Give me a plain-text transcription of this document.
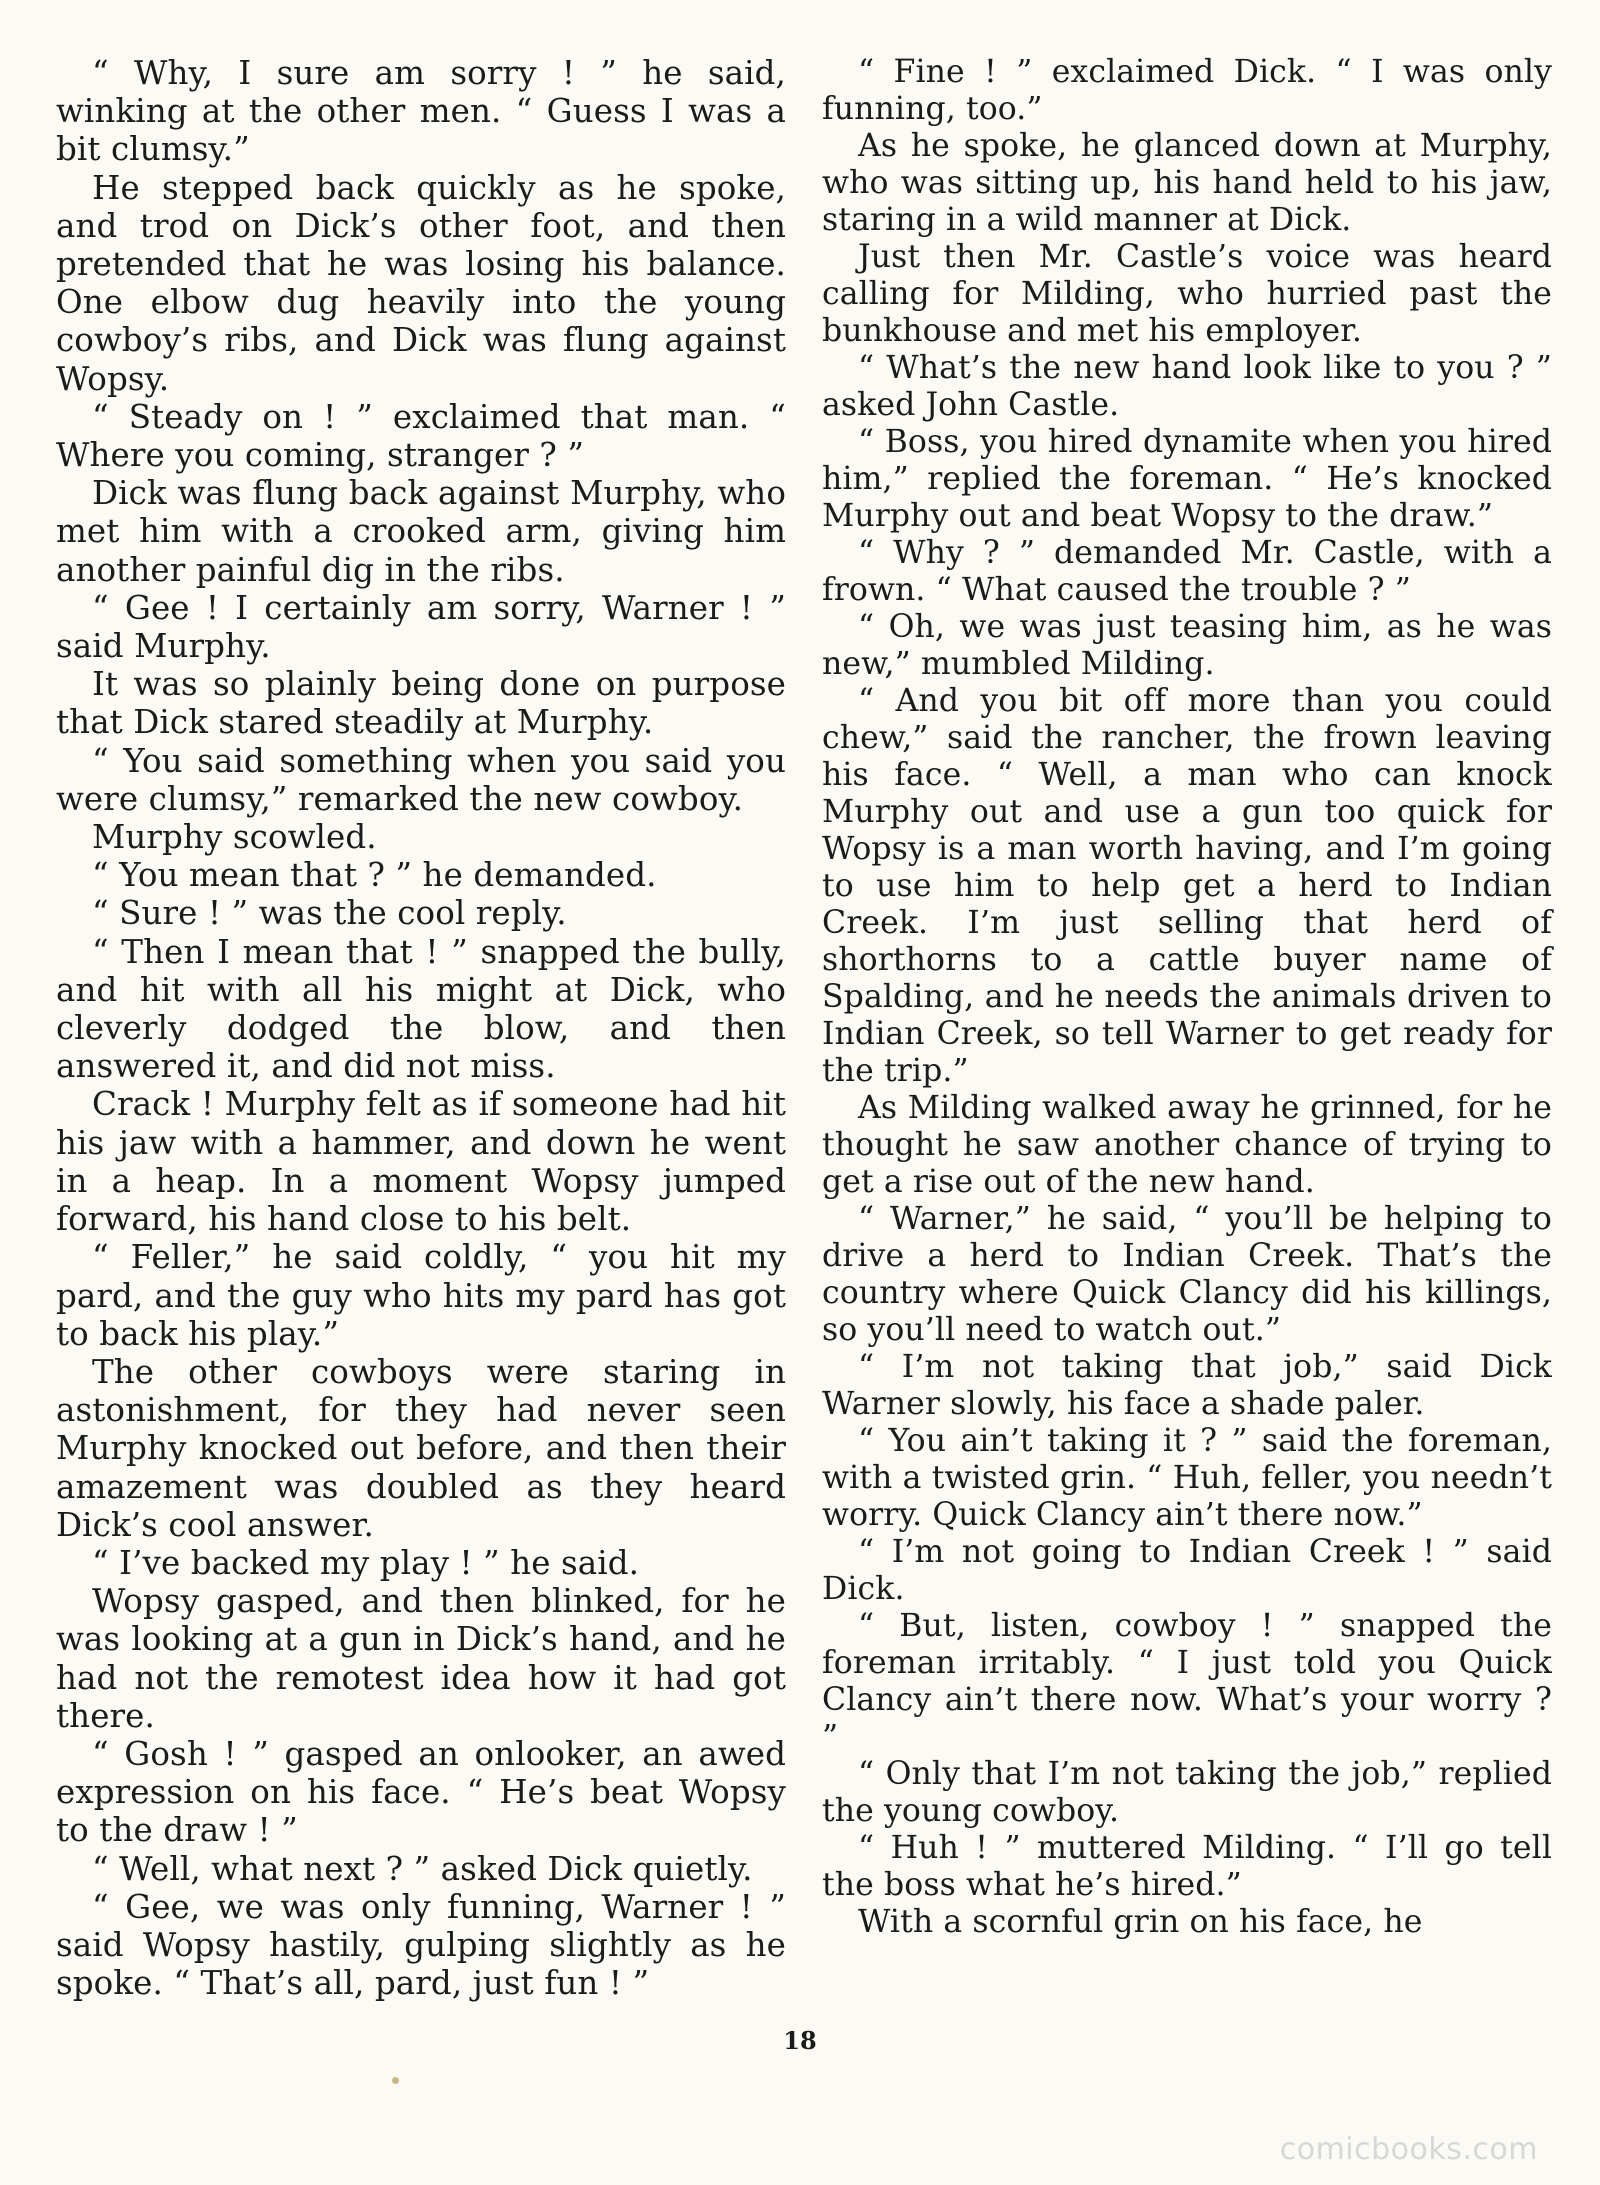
“ Why, I sure am sorry ! ” he said, winking at the other men. “ Guess I was a bit clumsy.”

He stepped back quickly as he spoke, and trod on Dick’s other foot, and then pretended that he was losing his balance. One elbow dug heavily into the young cowboy’s ribs, and Dick was flung against Wopsy.

“ Steady on ! ” exclaimed that man. “ Where you coming, stranger ? ”

Dick was flung back against Murphy, who met him with a crooked arm, giving him another painful dig in the ribs.

“ Gee ! I certainly am sorry, Warner ! ” said Murphy.

It was so plainly being done on purpose that Dick stared steadily at Murphy.

“ You said something when you said you were clumsy,” remarked the new cowboy.

Murphy scowled.

“ You mean that ? ” he demanded.

“ Sure ! ” was the cool reply.

“ Then I mean that ! ” snapped the bully, and hit with all his might at Dick, who cleverly dodged the blow, and then answered it, and did not miss.

Crack ! Murphy felt as if someone had hit his jaw with a hammer, and down he went in a heap. In a moment Wopsy jumped forward, his hand close to his belt.

“ Feller,” he said coldly, “ you hit my pard, and the guy who hits my pard has got to back his play.”

The other cowboys were staring in astonishment, for they had never seen Murphy knocked out before, and then their amazement was doubled as they heard Dick’s cool answer.

“ I’ve backed my play ! ” he said.

Wopsy gasped, and then blinked, for he was looking at a gun in Dick’s hand, and he had not the remotest idea how it had got there.

“ Gosh ! ” gasped an onlooker, an awed expression on his face. “ He’s beat Wopsy to the draw ! ”

“ Well, what next ? ” asked Dick quietly.

“ Gee, we was only funning, Warner ! ” said Wopsy hastily, gulping slightly as he spoke. “ That’s all, pard, just fun ! ”

“ Fine ! ” exclaimed Dick. “ I was only funning, too.”

As he spoke, he glanced down at Murphy, who was sitting up, his hand held to his jaw, staring in a wild manner at Dick.

Just then Mr. Castle’s voice was heard calling for Milding, who hurried past the bunkhouse and met his employer.

“ What’s the new hand look like to you ? ” asked John Castle.

“ Boss, you hired dynamite when you hired him,” replied the foreman. “ He’s knocked Murphy out and beat Wopsy to the draw.”

“ Why ? ” demanded Mr. Castle, with a frown. “ What caused the trouble ? ”

“ Oh, we was just teasing him, as he was new,” mumbled Milding.

“ And you bit off more than you could chew,” said the rancher, the frown leaving his face. “ Well, a man who can knock Murphy out and use a gun too quick for Wopsy is a man worth having, and I’m going to use him to help get a herd to Indian Creek. I’m just selling that herd of shorthorns to a cattle buyer name of Spalding, and he needs the animals driven to Indian Creek, so tell Warner to get ready for the trip.”

As Milding walked away he grinned, for he thought he saw another chance of trying to get a rise out of the new hand.

“ Warner,” he said, “ you’ll be helping to drive a herd to Indian Creek. That’s the country where Quick Clancy did his killings, so you’ll need to watch out.”

“ I’m not taking that job,” said Dick Warner slowly, his face a shade paler.

“ You ain’t taking it ? ” said the foreman, with a twisted grin. “ Huh, feller, you needn’t worry. Quick Clancy ain’t there now.”

“ I’m not going to Indian Creek ! ” said Dick.

“ But, listen, cowboy ! ” snapped the foreman irritably. “ I just told you Quick Clancy ain’t there now. What’s your worry ? ”

“ Only that I’m not taking the job,” replied the young cowboy.

“ Huh ! ” muttered Milding. “ I’ll go tell the boss what he’s hired.”

With a scornful grin on his face, he

18
comicbooks.com
